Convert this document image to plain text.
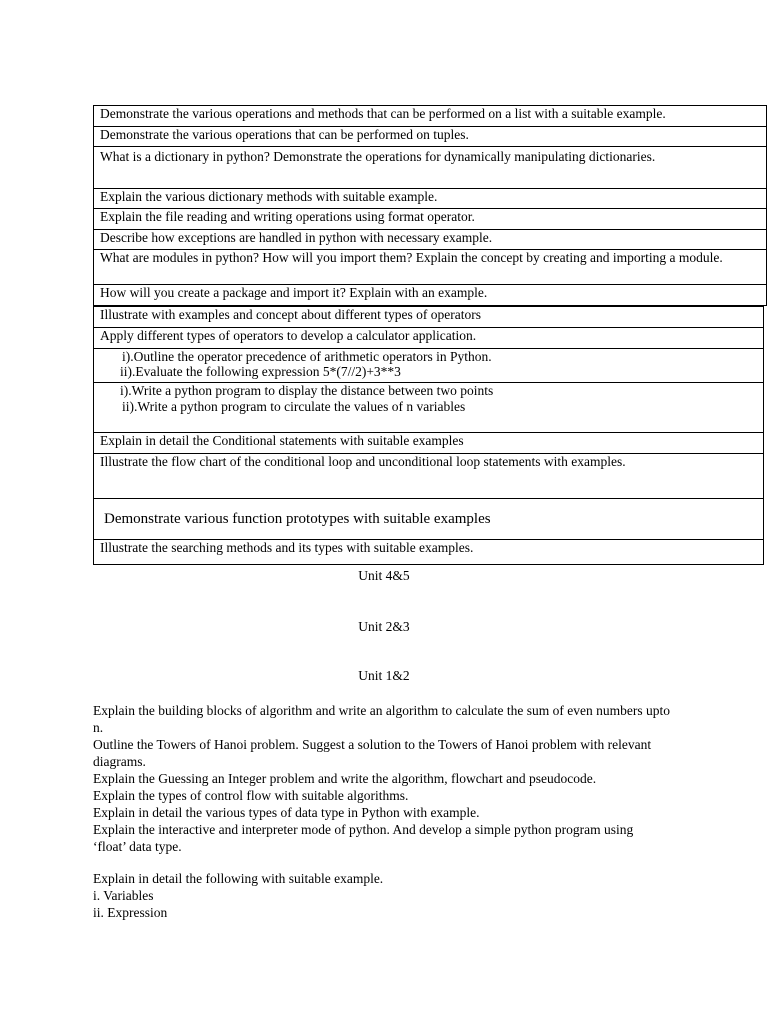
Demonstrate the various operations and methods that can be performed on a list with a suitable example.
Demonstrate the various operations that can be performed on tuples.
What is a dictionary in python? Demonstrate the operations for dynamically manipulating dictionaries.
Explain the various dictionary methods with suitable example.
Explain the file reading and writing operations using format operator.
Describe how exceptions are handled in python with necessary example.
What are modules in python? How will you import them? Explain the concept by creating and importing a module.
How will you create a package and import it? Explain with an example.
Illustrate with examples and concept about different types of operators
Apply different types of operators to develop a calculator application.

i).Outline the operator precedence of arithmetic operators in Python.
ii).Evaluate the following expression 5*(7//2)+3**3

i).Write a python program to display the distance between two points
ii).Write a python program to circulate the values of n variables

Explain in detail the Conditional statements with suitable examples
Illustrate the flow chart of the conditional loop and unconditional loop statements with examples.
Demonstrate various function prototypes with suitable examples
Illustrate the searching methods and its types with suitable examples.
Unit 4&5
Unit 2&3
Unit 1&2

Explain the building blocks of algorithm and write an algorithm to calculate the sum of even numbers upto n.

Outline the Towers of Hanoi problem. Suggest a solution to the Towers of Hanoi problem with relevant diagrams.

Explain the Guessing an Integer problem and write the algorithm, flowchart and pseudocode.

Explain the types of control flow with suitable algorithms.

Explain in detail the various types of data type in Python with example.

Explain the interactive and interpreter mode of python. And develop a simple python program using ‘float’ data type.

Explain in detail the following with suitable example.

i. Variables

ii. Expression
